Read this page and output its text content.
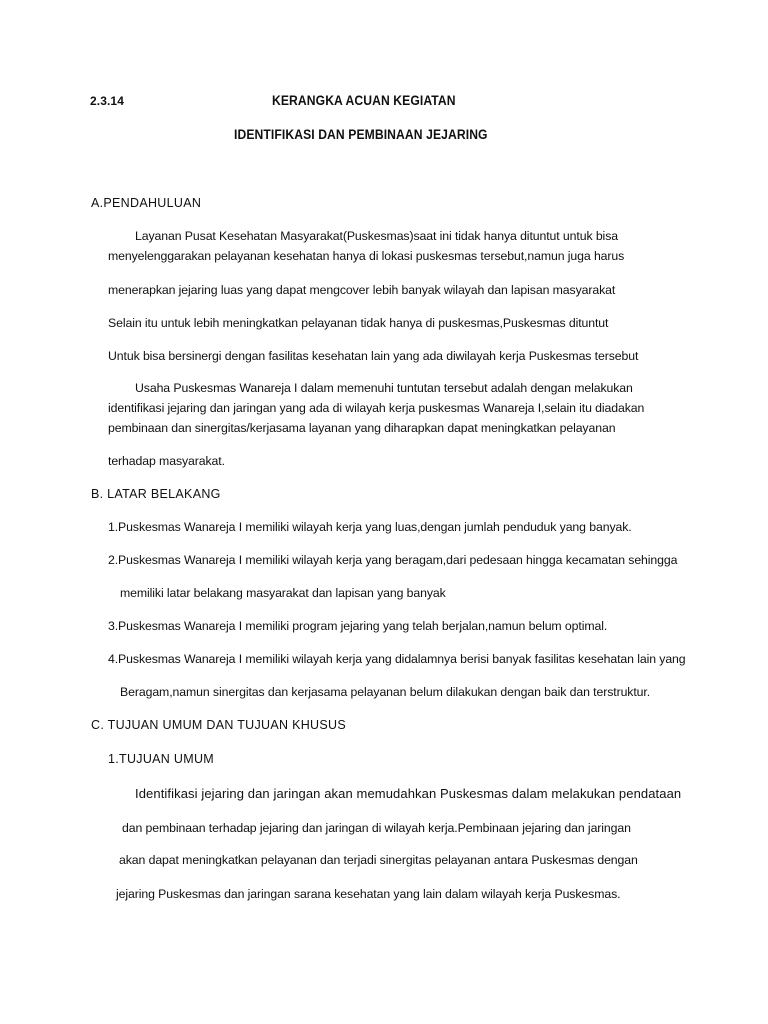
2.3.14	KERANGKA ACUAN KEGIATAN
IDENTIFIKASI DAN PEMBINAAN JEJARING
A.PENDAHULUAN
Layanan Pusat Kesehatan Masyarakat(Puskesmas)saat ini tidak hanya dituntut untuk bisa
menyelenggarakan pelayanan kesehatan hanya di lokasi puskesmas tersebut,namun juga harus
menerapkan jejaring luas yang dapat mengcover lebih banyak wilayah dan lapisan masyarakat
Selain itu untuk lebih meningkatkan pelayanan tidak hanya di puskesmas,Puskesmas dituntut
Untuk bisa bersinergi dengan fasilitas kesehatan lain yang ada diwilayah kerja Puskesmas tersebut
Usaha Puskesmas Wanareja I dalam memenuhi tuntutan tersebut adalah dengan melakukan
identifikasi jejaring dan jaringan yang ada di wilayah kerja puskesmas Wanareja I,selain itu diadakan
pembinaan dan sinergitas/kerjasama layanan yang diharapkan dapat meningkatkan pelayanan
terhadap masyarakat.
B. LATAR BELAKANG
1.Puskesmas Wanareja I memiliki wilayah kerja yang luas,dengan jumlah penduduk yang banyak.
2.Puskesmas Wanareja I memiliki wilayah kerja yang beragam,dari pedesaan hingga kecamatan sehingga
memiliki latar belakang masyarakat dan lapisan yang banyak
3.Puskesmas Wanareja I memiliki program jejaring yang telah berjalan,namun belum optimal.
4.Puskesmas Wanareja I memiliki wilayah kerja yang didalamnya berisi banyak fasilitas kesehatan lain yang
Beragam,namun sinergitas dan kerjasama pelayanan belum dilakukan dengan baik dan terstruktur.
C. TUJUAN UMUM DAN TUJUAN KHUSUS
1.TUJUAN UMUM
Identifikasi jejaring dan jaringan akan memudahkan Puskesmas dalam melakukan pendataan
dan pembinaan terhadap jejaring dan jaringan di wilayah kerja.Pembinaan jejaring dan jaringan
akan dapat meningkatkan pelayanan dan terjadi sinergitas pelayanan antara Puskesmas dengan
jejaring Puskesmas dan jaringan sarana kesehatan yang lain dalam wilayah kerja Puskesmas.
